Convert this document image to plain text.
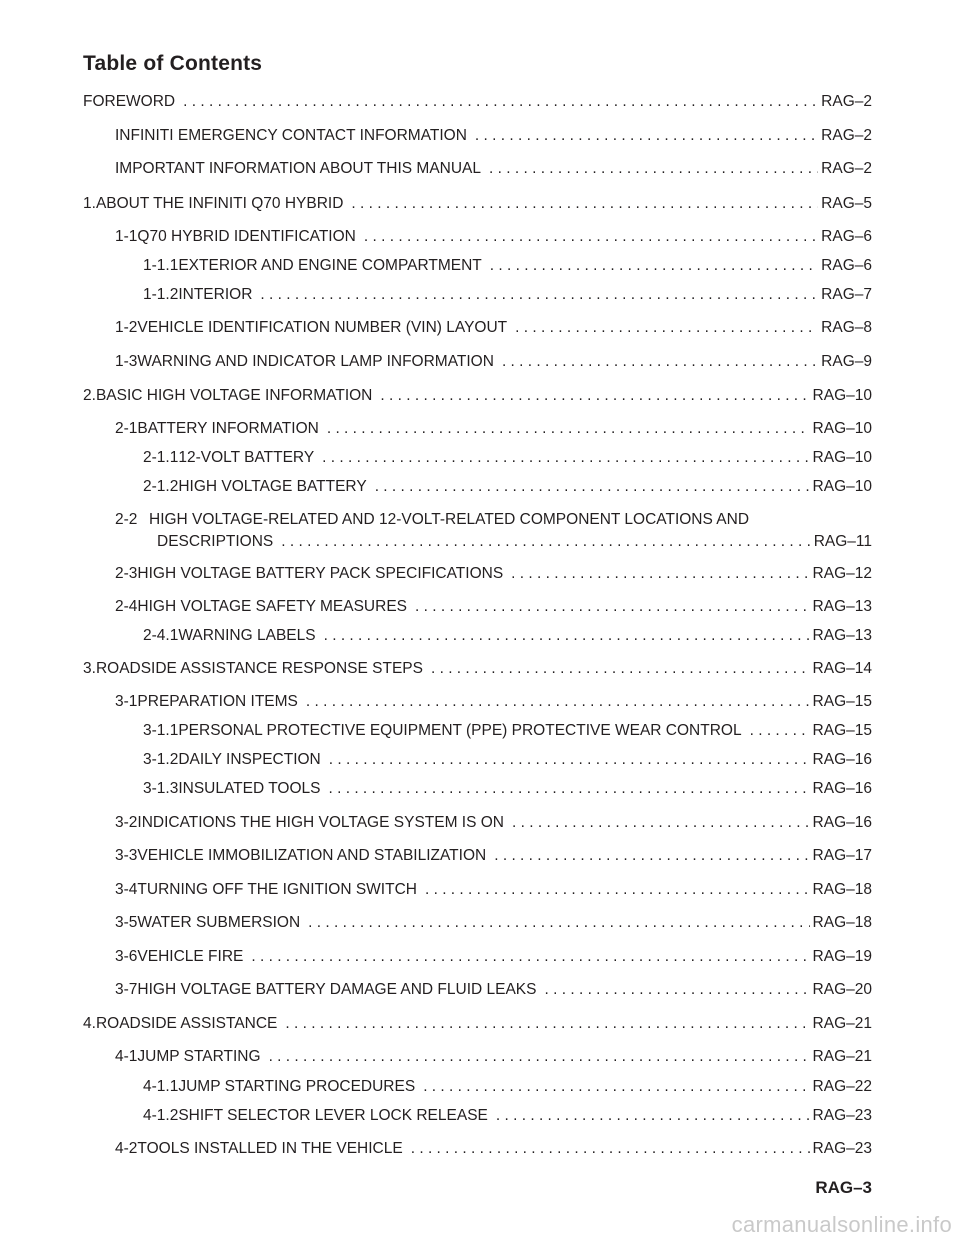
Table of Contents
FOREWORD . . .	RAG–2
INFINITI EMERGENCY CONTACT INFORMATION . . .	RAG–2
IMPORTANT INFORMATION ABOUT THIS MANUAL . . .	RAG–2
1. ABOUT THE INFINITI Q70 HYBRID . . .	RAG–5
1-1 Q70 HYBRID IDENTIFICATION . . .	RAG–6
1-1.1 EXTERIOR AND ENGINE COMPARTMENT . . .	RAG–6
1-1.2 INTERIOR . . .	RAG–7
1-2 VEHICLE IDENTIFICATION NUMBER (VIN) LAYOUT . . .	RAG–8
1-3 WARNING AND INDICATOR LAMP INFORMATION . . .	RAG–9
2. BASIC HIGH VOLTAGE INFORMATION . . .	RAG–10
2-1 BATTERY INFORMATION . . .	RAG–10
2-1.1 12-VOLT BATTERY . . .	RAG–10
2-1.2 HIGH VOLTAGE BATTERY . . .	RAG–10
2-2 HIGH VOLTAGE-RELATED AND 12-VOLT-RELATED COMPONENT LOCATIONS AND
DESCRIPTIONS . . .	RAG–11
2-3 HIGH VOLTAGE BATTERY PACK SPECIFICATIONS . . .	RAG–12
2-4 HIGH VOLTAGE SAFETY MEASURES . . .	RAG–13
2-4.1 WARNING LABELS . . .	RAG–13
3. ROADSIDE ASSISTANCE RESPONSE STEPS . . .	RAG–14
3-1 PREPARATION ITEMS . . .	RAG–15
3-1.1 PERSONAL PROTECTIVE EQUIPMENT (PPE) PROTECTIVE WEAR CONTROL . . .	RAG–15
3-1.2 DAILY INSPECTION . . .	RAG–16
3-1.3 INSULATED TOOLS . . .	RAG–16
3-2 INDICATIONS THE HIGH VOLTAGE SYSTEM IS ON . . .	RAG–16
3-3 VEHICLE IMMOBILIZATION AND STABILIZATION . . .	RAG–17
3-4 TURNING OFF THE IGNITION SWITCH . . .	RAG–18
3-5 WATER SUBMERSION . . .	RAG–18
3-6 VEHICLE FIRE . . .	RAG–19
3-7 HIGH VOLTAGE BATTERY DAMAGE AND FLUID LEAKS . . .	RAG–20
4. ROADSIDE ASSISTANCE . . .	RAG–21
4-1 JUMP STARTING . . .	RAG–21
4-1.1 JUMP STARTING PROCEDURES . . .	RAG–22
4-1.2 SHIFT SELECTOR LEVER LOCK RELEASE . . .	RAG–23
4-2 TOOLS INSTALLED IN THE VEHICLE . . .	RAG–23
RAG–3
carmanualsonline.info
